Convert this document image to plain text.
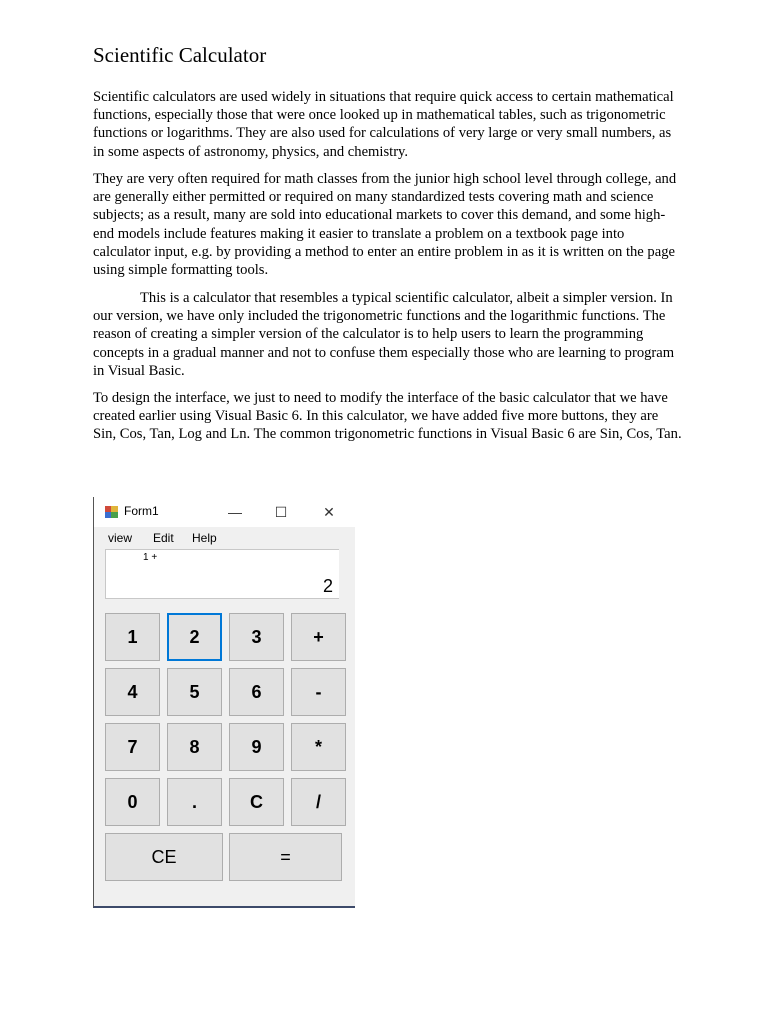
Scientific Calculator

Scientific calculators are used widely in situations that require quick access to certain mathematical functions, especially those that were once looked up in mathematical tables, such as trigonometric functions or logarithms. They are also used for calculations of very large or very small numbers, as in some aspects of astronomy, physics, and chemistry.

They are very often required for math classes from the junior high school level through college, and are generally either permitted or required on many standardized tests covering math and science subjects; as a result, many are sold into educational markets to cover this demand, and some high-end models include features making it easier to translate a problem on a textbook page into calculator input, e.g. by providing a method to enter an entire problem in as it is written on the page using simple formatting tools.

This is a calculator that resembles a typical scientific calculator, albeit a simpler version. In our version, we have only included the trigonometric functions and the logarithmic functions. The reason of creating a simpler version of the calculator is to help users to learn the programming concepts in a gradual manner and not to confuse them especially those who are learning to program in Visual Basic.

To design the interface, we just to need to modify the interface of the basic calculator that we have created earlier using Visual Basic 6. In this calculator, we have added five more buttons, they are Sin, Cos, Tan, Log and Ln. The common trigonometric functions in Visual Basic 6 are Sin, Cos, Tan.

Form1	—	☐	✕
view Edit Help
1 +
2
1	2	3	+
4	5	6	-
7	8	9	*
0	.	C	/
CE	=
